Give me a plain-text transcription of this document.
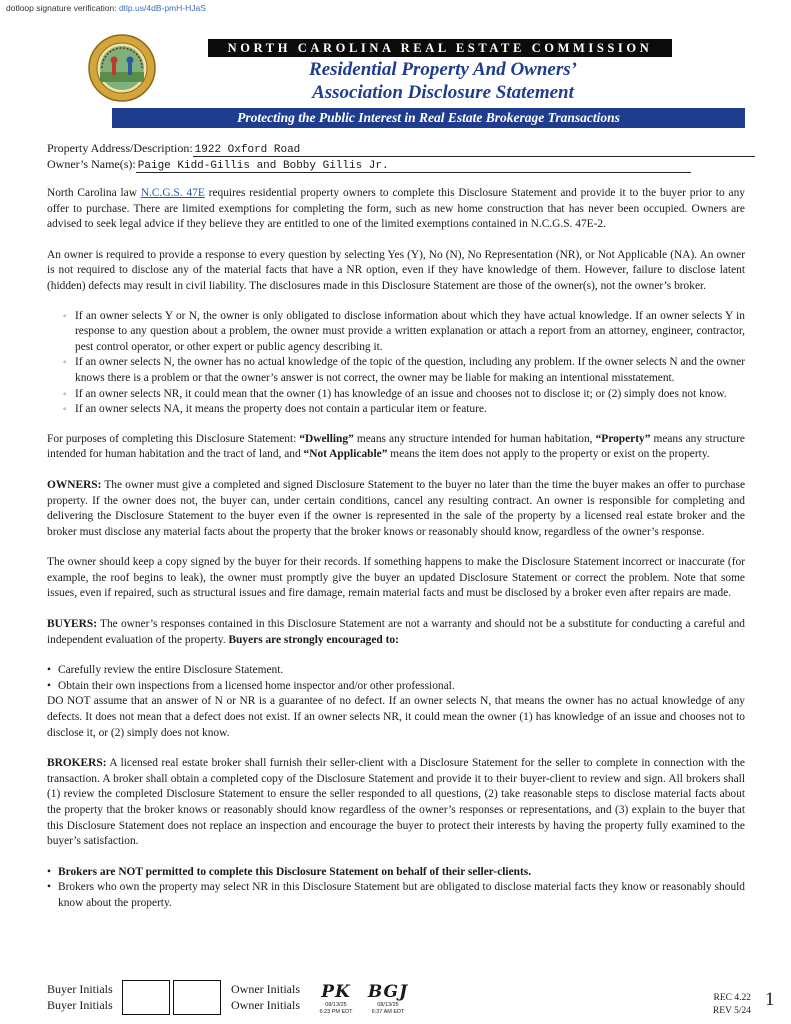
dotloop signature verification: dtlp.us/4dB-pmH-HJaS
NORTH CAROLINA REAL ESTATE COMMISSION
Residential Property And Owners’
Association Disclosure Statement
Protecting the Public Interest in Real Estate Brokerage Transactions
Property Address/Description: 1922 Oxford Road
Owner’s Name(s): Paige Kidd-Gillis and Bobby Gillis Jr.

North Carolina law N.C.G.S. 47E requires residential property owners to complete this Disclosure Statement and provide it to the buyer prior to any offer to purchase. There are limited exemptions for completing the form, such as new home construction that has never been occupied. Owners are advised to seek legal advice if they believe they are entitled to one of the limited exemptions contained in N.C.G.S. 47E-2.

An owner is required to provide a response to every question by selecting Yes (Y), No (N), No Representation (NR), or Not Applicable (NA). An owner is not required to disclose any of the material facts that have a NR option, even if they have knowledge of them. However, failure to disclose latent (hidden) defects may result in civil liability. The disclosures made in this Disclosure Statement are those of the owner(s), not the owner’s broker.

◦ If an owner selects Y or N, the owner is only obligated to disclose information about which they have actual knowledge. If an owner selects Y in response to any question about a problem, the owner must provide a written explanation or attach a report from an attorney, engineer, contractor, pest control operator, or other expert or public agency describing it.
◦ If an owner selects N, the owner has no actual knowledge of the topic of the question, including any problem. If the owner selects N and the owner knows there is a problem or that the owner’s answer is not correct, the owner may be liable for making an intentional misstatement.
◦ If an owner selects NR, it could mean that the owner (1) has knowledge of an issue and chooses not to disclose it; or (2) simply does not know.
◦ If an owner selects NA, it means the property does not contain a particular item or feature.

For purposes of completing this Disclosure Statement: “Dwelling” means any structure intended for human habitation, “Property” means any structure intended for human habitation and the tract of land, and “Not Applicable” means the item does not apply to the property or exist on the property.

OWNERS: The owner must give a completed and signed Disclosure Statement to the buyer no later than the time the buyer makes an offer to purchase property. If the owner does not, the buyer can, under certain conditions, cancel any resulting contract. An owner is responsible for completing and delivering the Disclosure Statement to the buyer even if the owner is represented in the sale of the property by a licensed real estate broker and the broker must disclose any material facts about the property that the broker knows or reasonably should know, regardless of the owner’s response.

The owner should keep a copy signed by the buyer for their records. If something happens to make the Disclosure Statement incorrect or inaccurate (for example, the roof begins to leak), the owner must promptly give the buyer an updated Disclosure Statement or correct the problem. Note that some issues, even if repaired, such as structural issues and fire damage, remain material facts and must be disclosed by a broker even after repairs are made.

BUYERS: The owner’s responses contained in this Disclosure Statement are not a warranty and should not be a substitute for conducting a careful and independent evaluation of the property. Buyers are strongly encouraged to:

• Carefully review the entire Disclosure Statement.
• Obtain their own inspections from a licensed home inspector and/or other professional.

DO NOT assume that an answer of N or NR is a guarantee of no defect. If an owner selects N, that means the owner has no actual knowledge of any defects. It does not mean that a defect does not exist. If an owner selects NR, it could mean the owner (1) has knowledge of an issue and chooses not to disclose it, or (2) simply does not know.

BROKERS: A licensed real estate broker shall furnish their seller-client with a Disclosure Statement for the seller to complete in connection with the transaction. A broker shall obtain a completed copy of the Disclosure Statement and provide it to their buyer-client to review and sign. All brokers shall (1) review the completed Disclosure Statement to ensure the seller responded to all questions, (2) take reasonable steps to disclose material facts about the property that the broker knows or reasonably should know regardless of the owner’s responses or representations, and (3) explain to the buyer that this Disclosure Statement does not replace an inspection and encourage the buyer to protect their interests by having the property fully examined to the buyer’s satisfaction.

• Brokers are NOT permitted to complete this Disclosure Statement on behalf of their seller-clients.
• Brokers who own the property may select NR in this Disclosure Statement but are obligated to disclose material facts they know or reasonably should know about the property.
Buyer Initials
Buyer Initials
Owner Initials
Owner Initials
PK
08/13/25
6:23 PM EDT
BGJ
08/13/25
6:37 AM EDT
REC 4.22
REV 5/24
1
